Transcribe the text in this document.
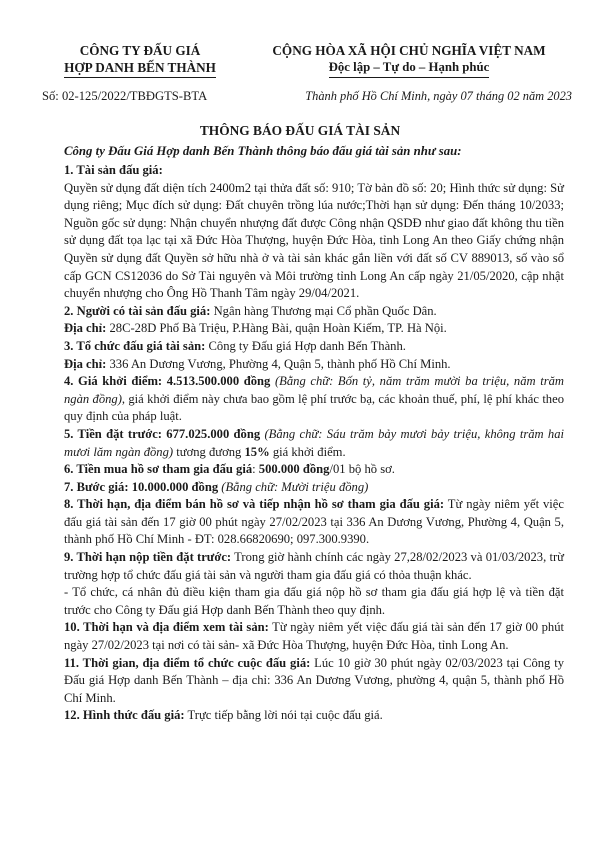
CÔNG TY ĐẤU GIÁ
HỢP DANH BẾN THÀNH
CỘNG HÒA XÃ HỘI CHỦ NGHĨA VIỆT NAM
Độc lập – Tự do – Hạnh phúc
Số: 02-125/2022/TBĐGTS-BTA	Thành phố Hồ Chí Minh, ngày 07 tháng 02 năm 2023
THÔNG BÁO ĐẤU GIÁ TÀI SẢN
Công ty Đấu Giá Hợp danh Bến Thành thông báo đấu giá tài sản như sau:

1. Tài sản đấu giá:

Quyền sử dụng đất diện tích 2400m2 tại thửa đất số: 910; Tờ bản đồ số: 20; Hình thức sử dụng: Sử dụng riêng; Mục đích sử dụng: Đất chuyên trồng lúa nước;Thời hạn sử dụng: Đến tháng 10/2033; Nguồn gốc sử dụng: Nhận chuyển nhượng đất được Công nhận QSDĐ như giao đất không thu tiền sử dụng đất tọa lạc tại xã Đức Hòa Thượng, huyện Đức Hòa, tỉnh Long An theo Giấy chứng nhận Quyền sử dụng đất Quyền sở hữu nhà ở và tài sản khác gắn liền với đất số CV 889013, số vào sổ cấp GCN CS12036 do Sở Tài nguyên và Môi trường tỉnh Long An cấp ngày 21/05/2020, cập nhật chuyển nhượng cho Ông Hồ Thanh Tâm ngày 29/04/2021.

2. Người có tài sản đấu giá: Ngân hàng Thương mại Cổ phần Quốc Dân.

Địa chỉ: 28C-28D Phố Bà Triệu, P.Hàng Bài, quận Hoàn Kiếm, TP. Hà Nội.

3. Tổ chức đấu giá tài sản: Công ty Đấu giá Hợp danh Bến Thành.

Địa chỉ: 336 An Dương Vương, Phường 4, Quận 5, thành phố Hồ Chí Minh.

4. Giá khởi điểm: 4.513.500.000 đồng (Bằng chữ: Bốn tỷ, năm trăm mười ba triệu, năm trăm ngàn đồng), giá khởi điểm này chưa bao gồm lệ phí trước bạ, các khoản thuế, phí, lệ phí khác theo quy định của pháp luật.

5. Tiền đặt trước: 677.025.000 đồng (Bằng chữ: Sáu trăm bảy mươi bảy triệu, không trăm hai mươi lăm ngàn đồng) tương đương 15% giá khởi điểm.

6. Tiền mua hồ sơ tham gia đấu giá: 500.000 đồng/01 bộ hồ sơ.

7. Bước giá: 10.000.000 đồng (Bằng chữ: Mười triệu đồng)

8. Thời hạn, địa điểm bán hồ sơ và tiếp nhận hồ sơ tham gia đấu giá: Từ ngày niêm yết việc đấu giá tài sản đến 17 giờ 00 phút ngày 27/02/2023 tại 336 An Dương Vương, Phường 4, Quận 5, thành phố Hồ Chí Minh - ĐT: 028.66820690; 097.300.9390.

9. Thời hạn nộp tiền đặt trước: Trong giờ hành chính các ngày 27,28/02/2023 và 01/03/2023, trừ trường hợp tổ chức đấu giá tài sản và người tham gia đấu giá có thỏa thuận khác.

- Tổ chức, cá nhân đủ điều kiện tham gia đấu giá nộp hồ sơ tham gia đấu giá hợp lệ và tiền đặt trước cho Công ty Đấu giá Hợp danh Bến Thành theo quy định.

10. Thời hạn và địa điểm xem tài sản: Từ ngày niêm yết việc đấu giá tài sản đến 17 giờ 00 phút ngày 27/02/2023 tại nơi có tài sản- xã Đức Hòa Thượng, huyện Đức Hòa, tỉnh Long An.

11. Thời gian, địa điểm tổ chức cuộc đấu giá: Lúc 10 giờ 30 phút ngày 02/03/2023 tại Công ty Đấu giá Hợp danh Bến Thành – địa chỉ: 336 An Dương Vương, phường 4, quận 5, thành phố Hồ Chí Minh.

12. Hình thức đấu giá: Trực tiếp bằng lời nói tại cuộc đấu giá.
